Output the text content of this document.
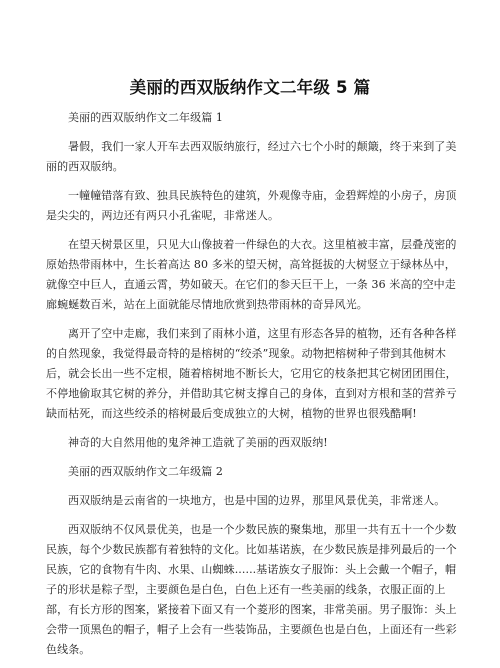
美丽的西双版纳作文二年级 5 篇

美丽的西双版纳作文二年级篇 1

暑假，我们一家人开车去西双版纳旅行，经过六七个小时的颠簸，终于来到了美丽的西双版纳。

一幢幢错落有致、独具民族特色的建筑，外观像寺庙，金碧辉煌的小房子，房顶是尖尖的，两边还有两只小孔雀呢，非常迷人。

在望天树景区里，只见大山像披着一件绿色的大衣。这里植被丰富，层叠茂密的原始热带雨林中，生长着高达 80 多米的望天树，高耸挺拔的大树竖立于绿林丛中，就像空中巨人，直通云霄，势如破天。在它们的参天巨干上，一条 36 米高的空中走廊蜿蜒数百米，站在上面就能尽情地欣赏到热带雨林的奇异风光。

离开了空中走廊，我们来到了雨林小道，这里有形态各异的植物，还有各种各样的自然现象，我觉得最奇特的是榕树的“绞杀”现象。动物把榕树种子带到其他树木后，就会长出一些不定根，随着榕树地不断长大，它用它的枝条把其它树团团围住，不停地偷取其它树的养分，并借助其它树支撑自己的身体，直到对方根和茎的营养亏缺而枯死，而这些绞杀的榕树最后变成独立的大树，植物的世界也很残酷啊!

神奇的大自然用他的鬼斧神工造就了美丽的西双版纳!

美丽的西双版纳作文二年级篇 2

西双版纳是云南省的一块地方，也是中国的边界，那里风景优美，非常迷人。

西双版纳不仅风景优美，也是一个少数民族的聚集地，那里一共有五十一个少数民族，每个少数民族都有着独特的文化。比如基诺族，在少数民族是排列最后的一个民族，它的食物有牛肉、水果、山蜘蛛......基诺族女子服饰：头上会戴一个帽子，帽子的形状是粽子型，主要颜色是白色，白色上还有一些美丽的线条，衣服正面的上部，有长方形的图案，紧接着下面又有一个菱形的图案，非常美丽。男子服饰：头上会带一顶黑色的帽子，帽子上会有一些装饰品，主要颜色也是白色，上面还有一些彩色线条。
